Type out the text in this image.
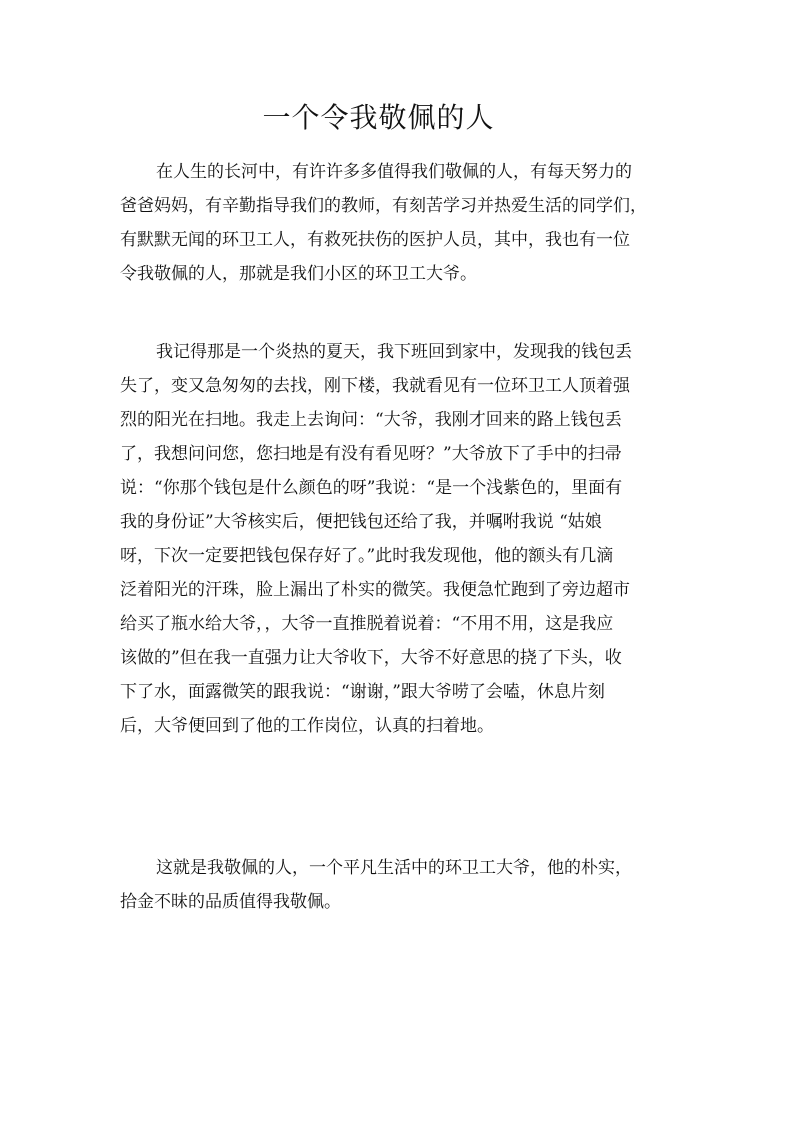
一个令我敬佩的人
在人生的长河中，有许许多多值得我们敬佩的人，有每天努力的
爸爸妈妈，有辛勤指导我们的教师，有刻苦学习并热爱生活的同学们，
有默默无闻的环卫工人，有救死扶伤的医护人员，其中，我也有一位
令我敬佩的人，那就是我们小区的环卫工大爷。
我记得那是一个炎热的夏天，我下班回到家中，发现我的钱包丢
失了，变又急匆匆的去找，刚下楼，我就看见有一位环卫工人顶着强
烈的阳光在扫地。我走上去询问：“大爷，我刚才回来的路上钱包丢
了，我想问问您，您扫地是有没有看见呀？”大爷放下了手中的扫帚
说：“你那个钱包是什么颜色的呀”我说：“是一个浅紫色的，里面有
我的身份证”大爷核实后，便把钱包还给了我，并嘱咐我说 “姑娘
呀，下次一定要把钱包保存好了。”此时我发现他，他的额头有几滴
泛着阳光的汗珠，脸上漏出了朴实的微笑。我便急忙跑到了旁边超市
给买了瓶水给大爷，，大爷一直推脱着说着：“不用不用，这是我应
该做的”但在我一直强力让大爷收下，大爷不好意思的挠了下头，收
下了水，面露微笑的跟我说：“谢谢，”跟大爷唠了会嗑，休息片刻
后，大爷便回到了他的工作岗位，认真的扫着地。
这就是我敬佩的人，一个平凡生活中的环卫工大爷，他的朴实，
拾金不昧的品质值得我敬佩。
